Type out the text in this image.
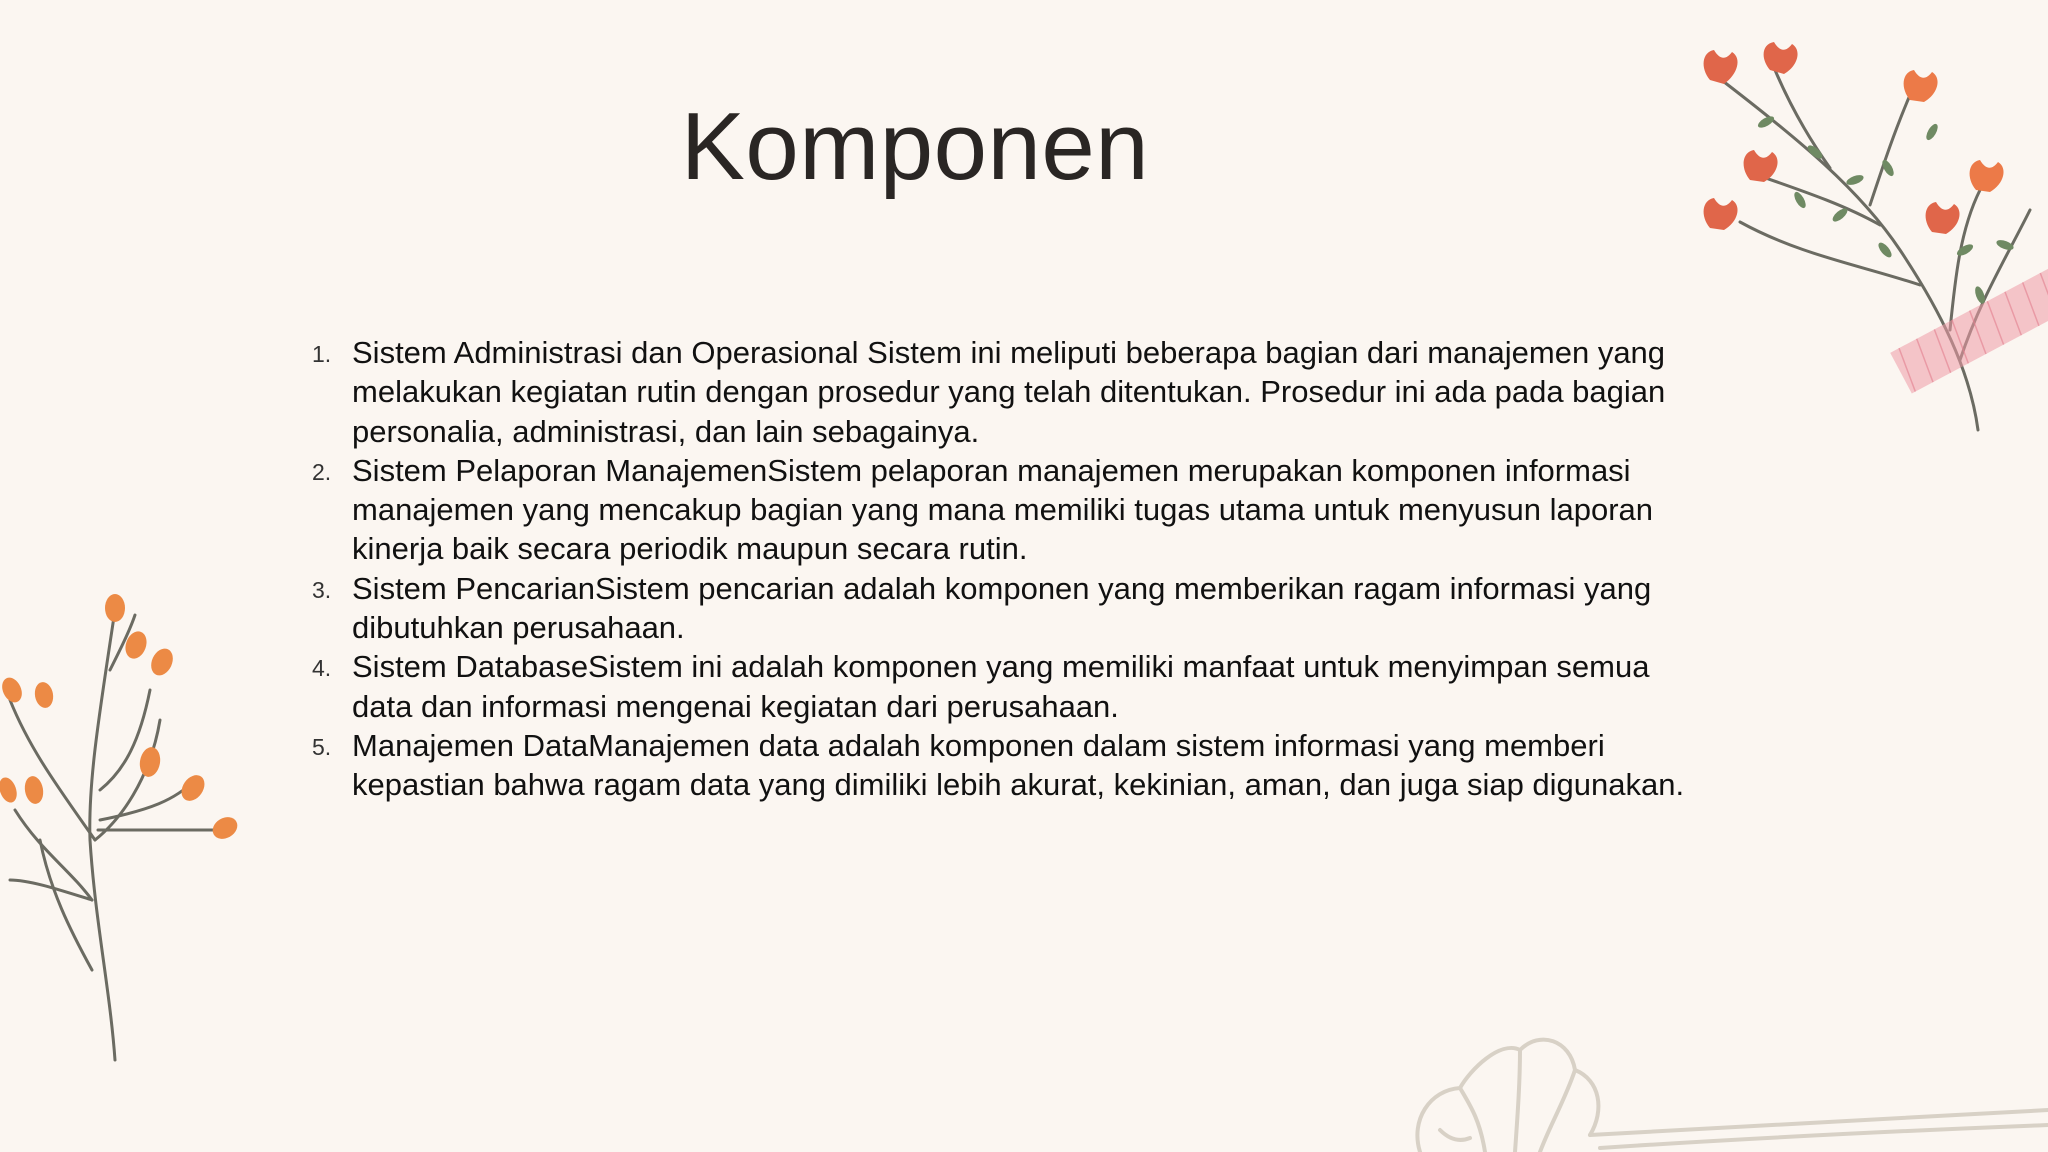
Komponen
1. Sistem Administrasi dan Operasional Sistem ini meliputi beberapa bagian dari manajemen yang melakukan kegiatan rutin dengan prosedur yang telah ditentukan. Prosedur ini ada pada bagian personalia, administrasi, dan lain sebagainya.
2. Sistem Pelaporan ManajemenSistem pelaporan manajemen merupakan komponen informasi manajemen yang mencakup bagian yang mana memiliki tugas utama untuk menyusun laporan kinerja baik secara periodik maupun secara rutin.
3. Sistem PencarianSistem pencarian adalah komponen yang memberikan ragam informasi yang dibutuhkan perusahaan.
4. Sistem DatabaseSistem ini adalah komponen yang memiliki manfaat untuk menyimpan semua data dan informasi mengenai kegiatan dari perusahaan.
5. Manajemen DataManajemen data adalah komponen dalam sistem informasi yang memberi kepastian bahwa ragam data yang dimiliki lebih akurat, kekinian, aman, dan juga siap digunakan.
